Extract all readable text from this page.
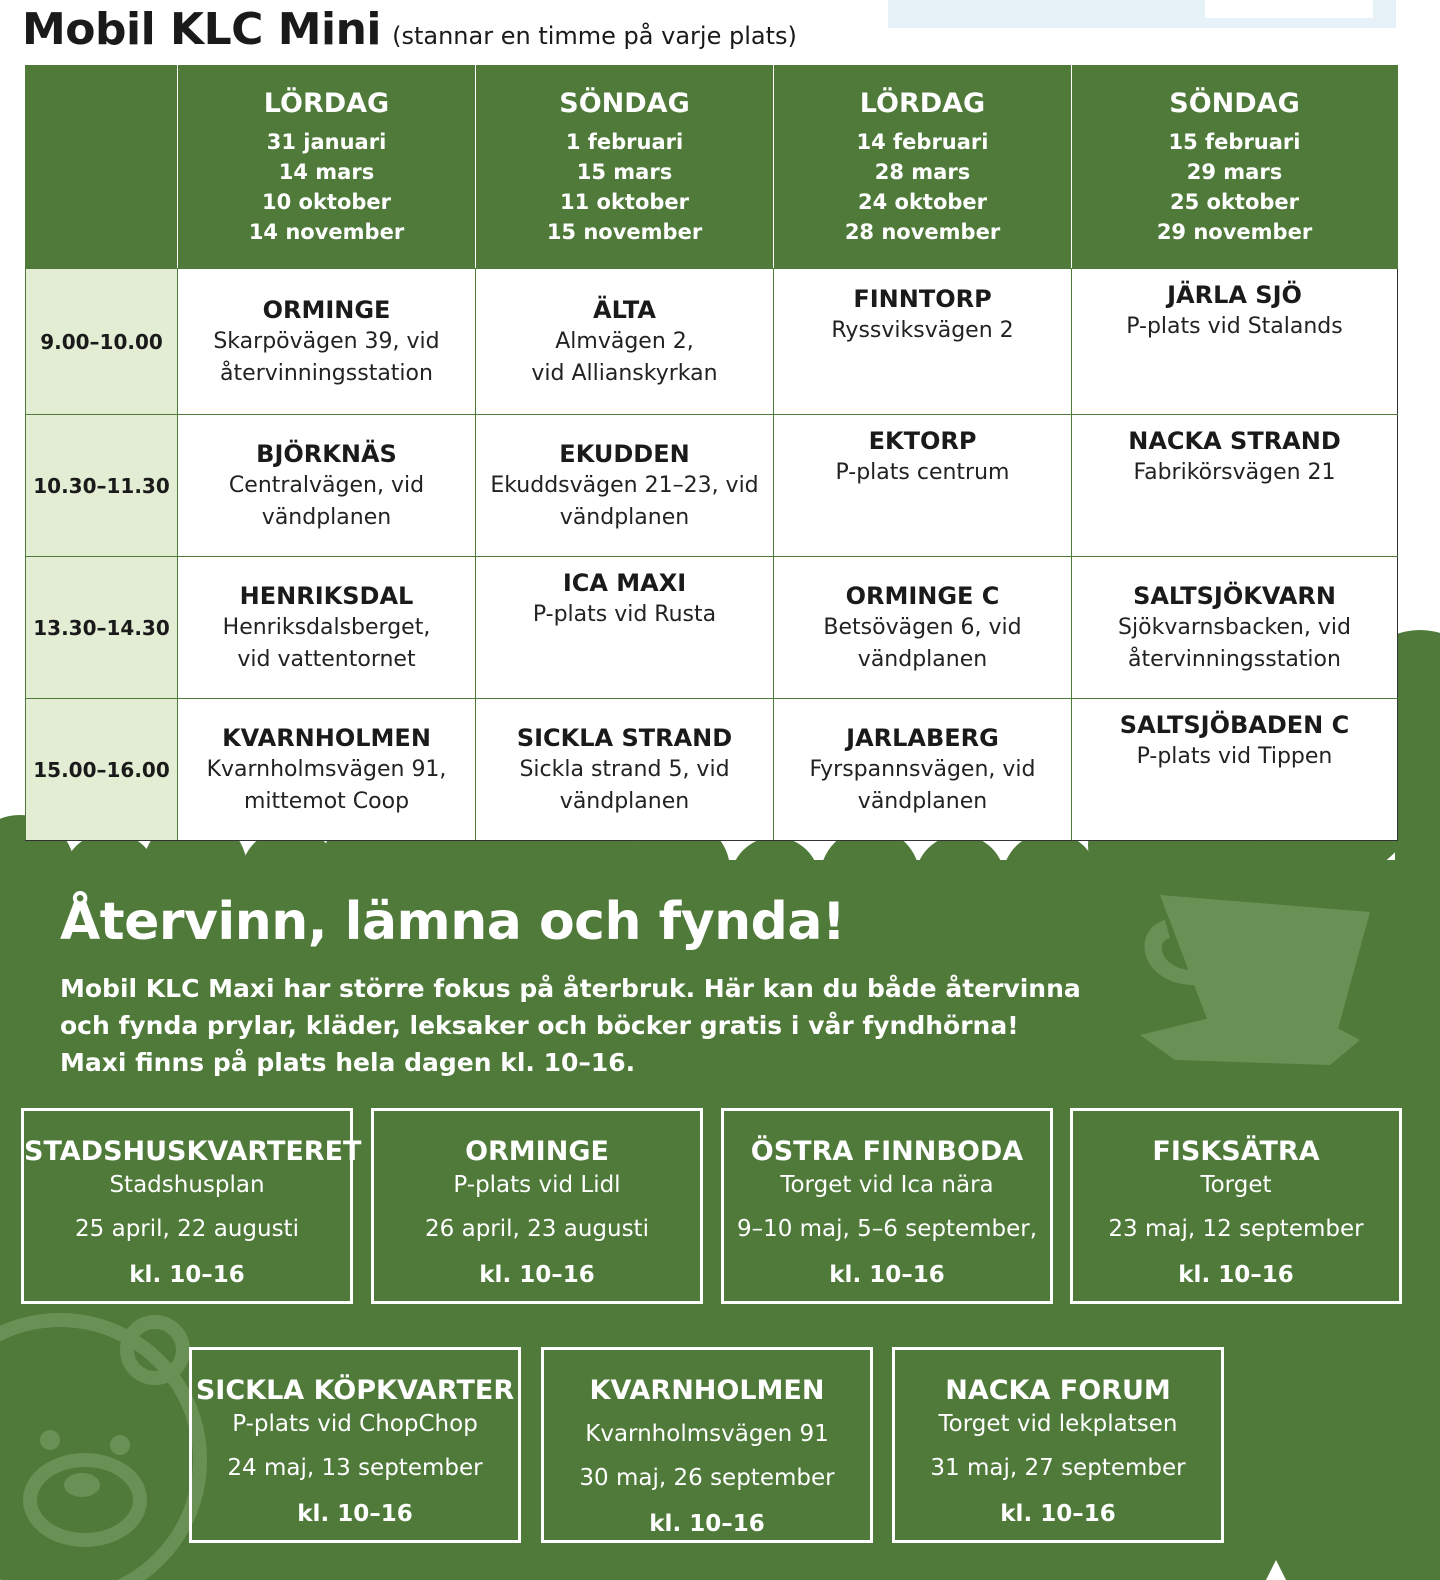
Mobil KLC Mini (stannar en timme på varje plats)

	LÖRDAG
31 januari
14 mars
10 oktober
14 november	SÖNDAG
1 februari
15 mars
11 oktober
15 november	LÖRDAG
14 februari
28 mars
24 oktober
28 november	SÖNDAG
15 februari
29 mars
25 oktober
29 november

9.00–10.00	ORMINGE
Skarpövägen 39, vid
återvinningsstation	ÄLTA
Almvägen 2,
vid Allianskyrkan	FINNTORP
Ryssviksvägen 2	JÄRLA SJÖ
P-plats vid Stalands

10.30–11.30	BJÖRKNÄS
Centralvägen, vid
vändplanen	EKUDDEN
Ekuddsvägen 21–23, vid
vändplanen	EKTORP
P-plats centrum	NACKA STRAND
Fabrikörsvägen 21

13.30–14.30	HENRIKSDAL
Henriksdalsberget,
vid vattentornet	ICA MAXI
P-plats vid Rusta	ORMINGE C
Betsövägen 6, vid
vändplanen	SALTSJÖKVARN
Sjökvarnsbacken, vid
återvinningsstation

15.00–16.00	KVARNHOLMEN
Kvarnholmsvägen 91,
mittemot Coop	SICKLA STRAND
Sickla strand 5, vid
vändplanen	JARLABERG
Fyrspannsvägen, vid
vändplanen	SALTSJÖBADEN C
P-plats vid Tippen
Återvinn, lämna och fynda!
Mobil KLC Maxi har större fokus på återbruk. Här kan du både återvinna
och fynda prylar, kläder, leksaker och böcker gratis i vår fyndhörna!
Maxi finns på plats hela dagen kl. 10–16.
STADSHUSKVARTERET
Stadshusplan
25 april, 22 augusti
kl. 10–16
ORMINGE
P-plats vid Lidl
26 april, 23 augusti
kl. 10–16
ÖSTRA FINNBODA
Torget vid Ica nära
9–10 maj, 5–6 september,
kl. 10–16
FISKSÄTRA
Torget
23 maj, 12 september
kl. 10–16
SICKLA KÖPKVARTER
P-plats vid ChopChop
24 maj, 13 september
kl. 10–16
KVARNHOLMEN
Kvarnholmsvägen 91
30 maj, 26 september
kl. 10–16
NACKA FORUM
Torget vid lekplatsen
31 maj, 27 september
kl. 10–16
